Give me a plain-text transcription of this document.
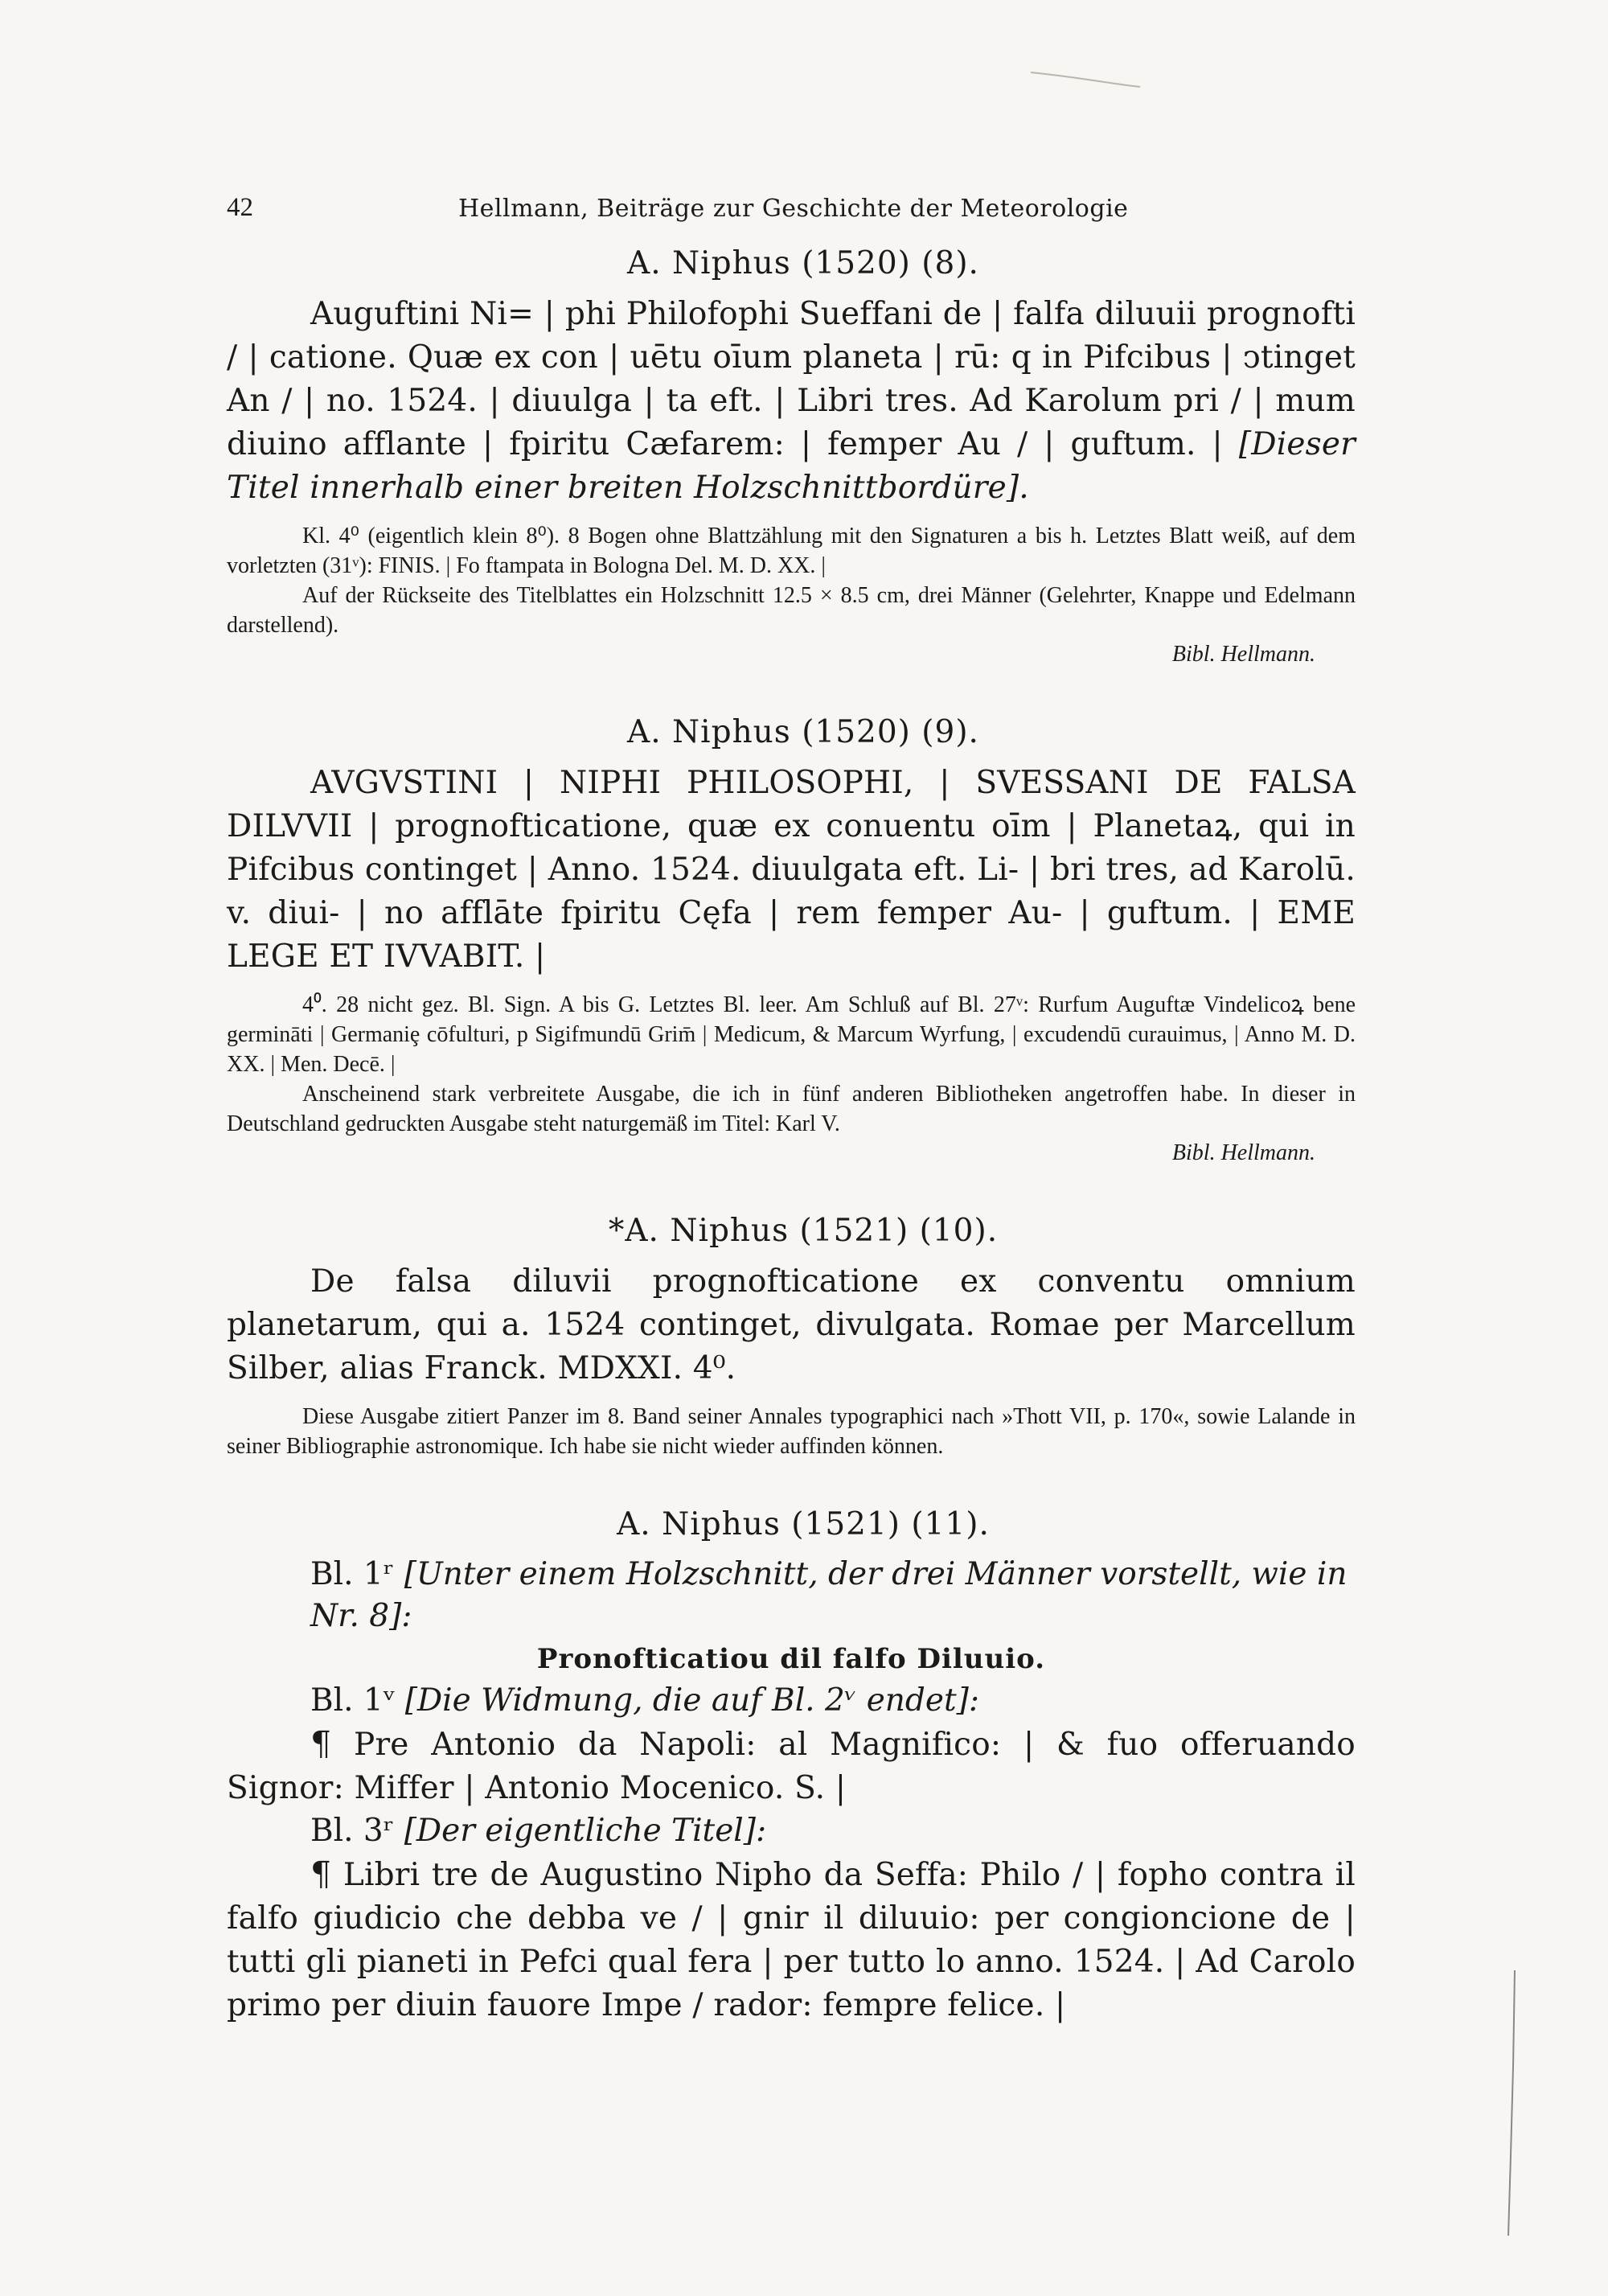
42	Hellmann, Beiträge zur Geschichte der Meteorologie

A. Niphus (1520) (8).

Auguftini Ni= | phi Philofophi Sueffani de | falfa diluuii prognofti / | catione. Quæ ex con | uētu oīum planeta | rū: q in Pifcibus | ↄtinget An / | no. 1524. | diuulga | ta eft. | Libri tres. Ad Karolum pri / | mum diuino afflante | fpiritu Cæfarem: | femper Au / | guftum. | [Dieser Titel innerhalb einer breiten Holzschnittbordüre].

Kl. 4⁰ (eigentlich klein 8⁰). 8 Bogen ohne Blattzählung mit den Signaturen a bis h. Letztes Blatt weiß, auf dem vorletzten (31ᵛ): FINIS. | Fo ftampata in Bologna Del. M. D. XX. |

Auf der Rückseite des Titelblattes ein Holzschnitt 12.5 × 8.5 cm, drei Männer (Gelehrter, Knappe und Edelmann darstellend).

Bibl. Hellmann.

A. Niphus (1520) (9).

AVGVSTINI | NIPHI PHILOSOPHI, | SVESSANI DE FALSA DILVVII | prognofticatione, quæ ex conuentu oīm | Planetaꝝ, qui in Pifcibus continget | Anno. 1524. diuulgata eft. Li- | bri tres, ad Karolū. v. diui- | no afflāte fpiritu Cęfa | rem femper Au- | guftum. | EME LEGE ET IVVABIT. |

4⁰. 28 nicht gez. Bl. Sign. A bis G. Letztes Bl. leer. Am Schluß auf Bl. 27ᵛ: Rurfum Auguftæ Vindelicoꝝ bene germināti | Germaniȩ cōfulturi, p Sigifmundū Grim̄ | Medicum, & Marcum Wyrfung, | excudendū curauimus, | Anno M. D. XX. | Men. Decē. |

Anscheinend stark verbreitete Ausgabe, die ich in fünf anderen Bibliotheken angetroffen habe. In dieser in Deutschland gedruckten Ausgabe steht naturgemäß im Titel: Karl V.

Bibl. Hellmann.

*A. Niphus (1521) (10).

De falsa diluvii prognofticatione ex conventu omnium planetarum, qui a. 1524 continget, divulgata. Romae per Marcellum Silber, alias Franck. MDXXI. 4⁰.

Diese Ausgabe zitiert Panzer im 8. Band seiner Annales typographici nach »Thott VII, p. 170«, sowie Lalande in seiner Bibliographie astronomique. Ich habe sie nicht wieder auffinden können.

A. Niphus (1521) (11).

Bl. 1ʳ [Unter einem Holzschnitt, der drei Männer vorstellt, wie in Nr. 8]:

Pronofticatiou dil falfo Diluuio.

Bl. 1ᵛ [Die Widmung, die auf Bl. 2ᵛ endet]:

¶ Pre Antonio da Napoli: al Magnifico: | & fuo offeruando Signor: Miffer | Antonio Mocenico. S. |

Bl. 3ʳ [Der eigentliche Titel]:

¶ Libri tre de Augustino Nipho da Seffa: Philo / | fopho contra il falfo giudicio che debba ve / | gnir il diluuio: per congioncione de | tutti gli pianeti in Pefci qual fera | per tutto lo anno. 1524. | Ad Carolo primo per diuin fauore Impe / rador: fempre felice. |
